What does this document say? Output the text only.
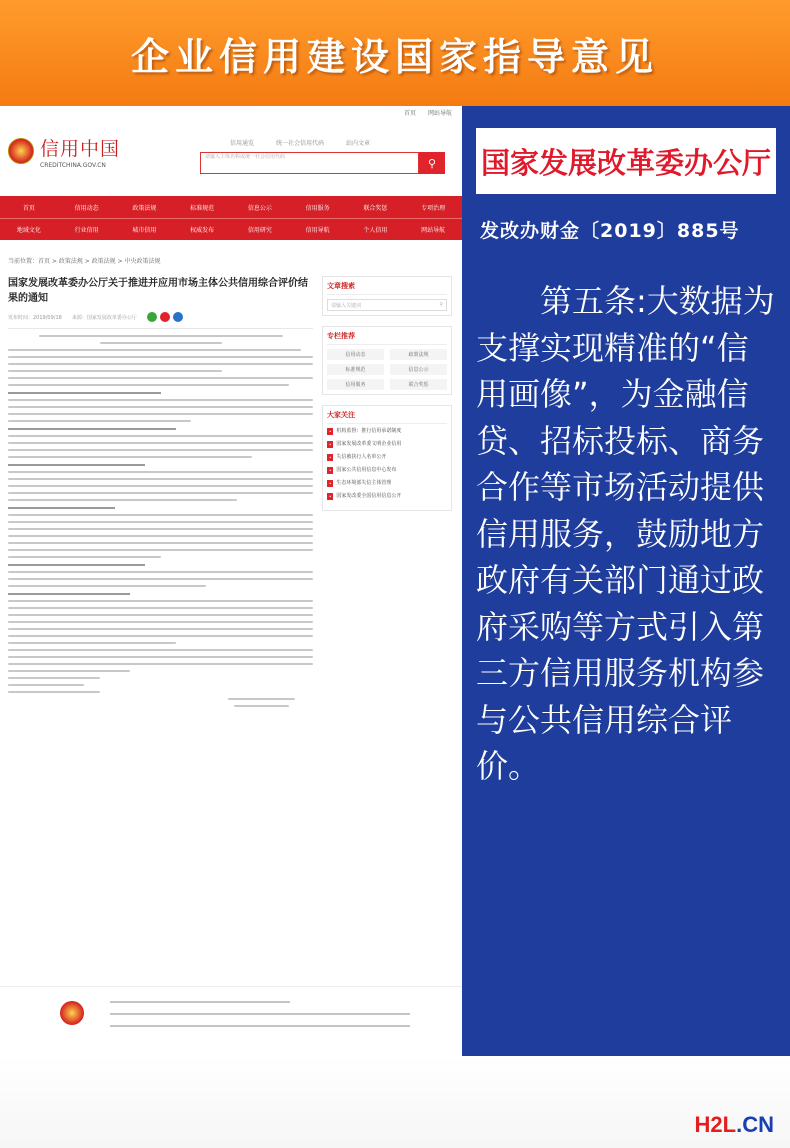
企业信用建设国家指导意见
首页 网站导航
信用中国
CREDITCHINA.GOV.CN
信用通览	统一社会信用代码	站内文章
请输入主体名称或统一社会信用代码	⚲
首页	信用动态	政策法规	标准规范	信息公示	信用服务	联合奖惩	专项治理
地域文化	行业信用	城市信用	权威发布	信用研究	信用导航	个人信用	网站导航
当前位置：首页 > 政策法规 > 政策法规 > 中央政策法规
国家发展改革委办公厅关于推进并应用市场主体公共信用综合评价结果的通知
发布时间：2019/09/18 来源：国家发展改革委办公厅
文章搜索
请输入关键词	⚲
专栏推荐
信用动态	政策法规
标准规范	信息公示
信用服务	联合奖惩
大家关注
•	机构监督：推行信用承诺制度
•	国家发展改革委文明企业信用
•	失信被执行人名单公开
•	国家公共信用信息中心发布
•	生态环境部失信主体管理
•	国家发改委全国信用信息公开
国家发展改革委办公厅
发改办财金〔2019〕885号

第五条:大数据为支撑实现精准的“信用画像”，为金融信贷、招标投标、商务合作等市场活动提供信用服务，鼓励地方政府有关部门通过政府采购等方式引入第三方信用服务机构参与公共信用综合评价。

H2L.CN
